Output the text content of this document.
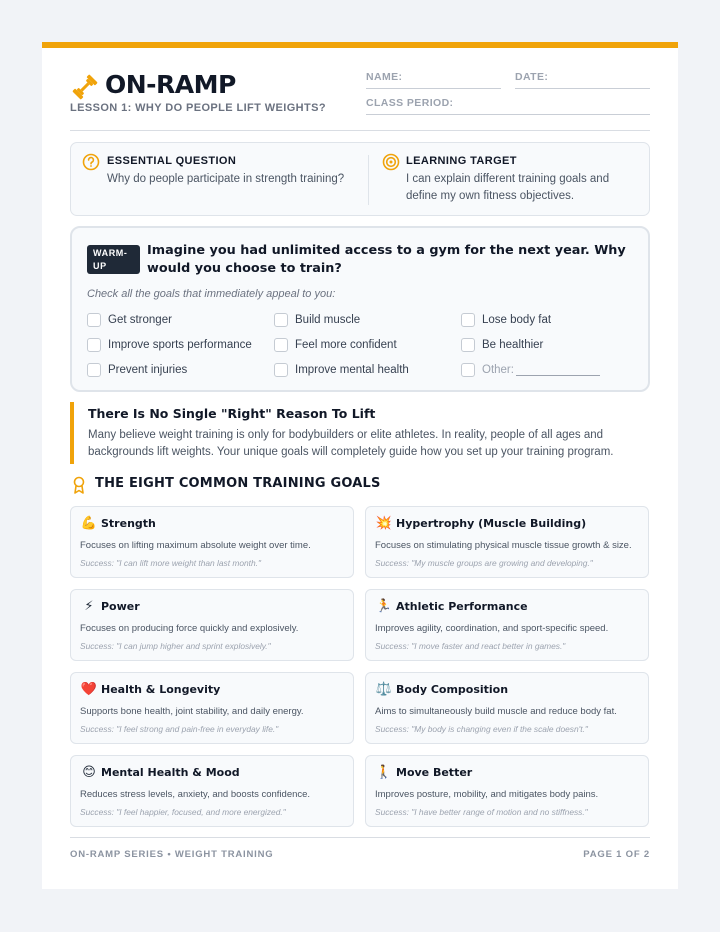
ON-RAMP
LESSON 1: WHY DO PEOPLE LIFT WEIGHTS?
NAME:	DATE:
CLASS PERIOD:
ESSENTIAL QUESTION
Why do people participate in strength training?
LEARNING TARGET
I can explain different training goals and define my own fitness objectives.
WARM-UP
Imagine you had unlimited access to a gym for the next year. Why would you choose to train?
Check all the goals that immediately appeal to you:
Get stronger	Build muscle	Lose body fat
Improve sports performance	Feel more confident	Be healthier
Prevent injuries	Improve mental health	Other:
There Is No Single "Right" Reason To Lift
Many believe weight training is only for bodybuilders or elite athletes. In reality, people of all ages and backgrounds lift weights. Your unique goals will completely guide how you set up your training program.
THE EIGHT COMMON TRAINING GOALS
💪 Strength
Focuses on lifting maximum absolute weight over time.
Success: "I can lift more weight than last month."
💥 Hypertrophy (Muscle Building)
Focuses on stimulating physical muscle tissue growth & size.
Success: "My muscle groups are growing and developing."
⚡ Power
Focuses on producing force quickly and explosively.
Success: "I can jump higher and sprint explosively."
🏃 Athletic Performance
Improves agility, coordination, and sport-specific speed.
Success: "I move faster and react better in games."
❤️ Health & Longevity
Supports bone health, joint stability, and daily energy.
Success: "I feel strong and pain-free in everyday life."
⚖️ Body Composition
Aims to simultaneously build muscle and reduce body fat.
Success: "My body is changing even if the scale doesn't."
😊 Mental Health & Mood
Reduces stress levels, anxiety, and boosts confidence.
Success: "I feel happier, focused, and more energized."
🚶 Move Better
Improves posture, mobility, and mitigates body pains.
Success: "I have better range of motion and no stiffness."
ON-RAMP SERIES • WEIGHT TRAINING	PAGE 1 OF 2
